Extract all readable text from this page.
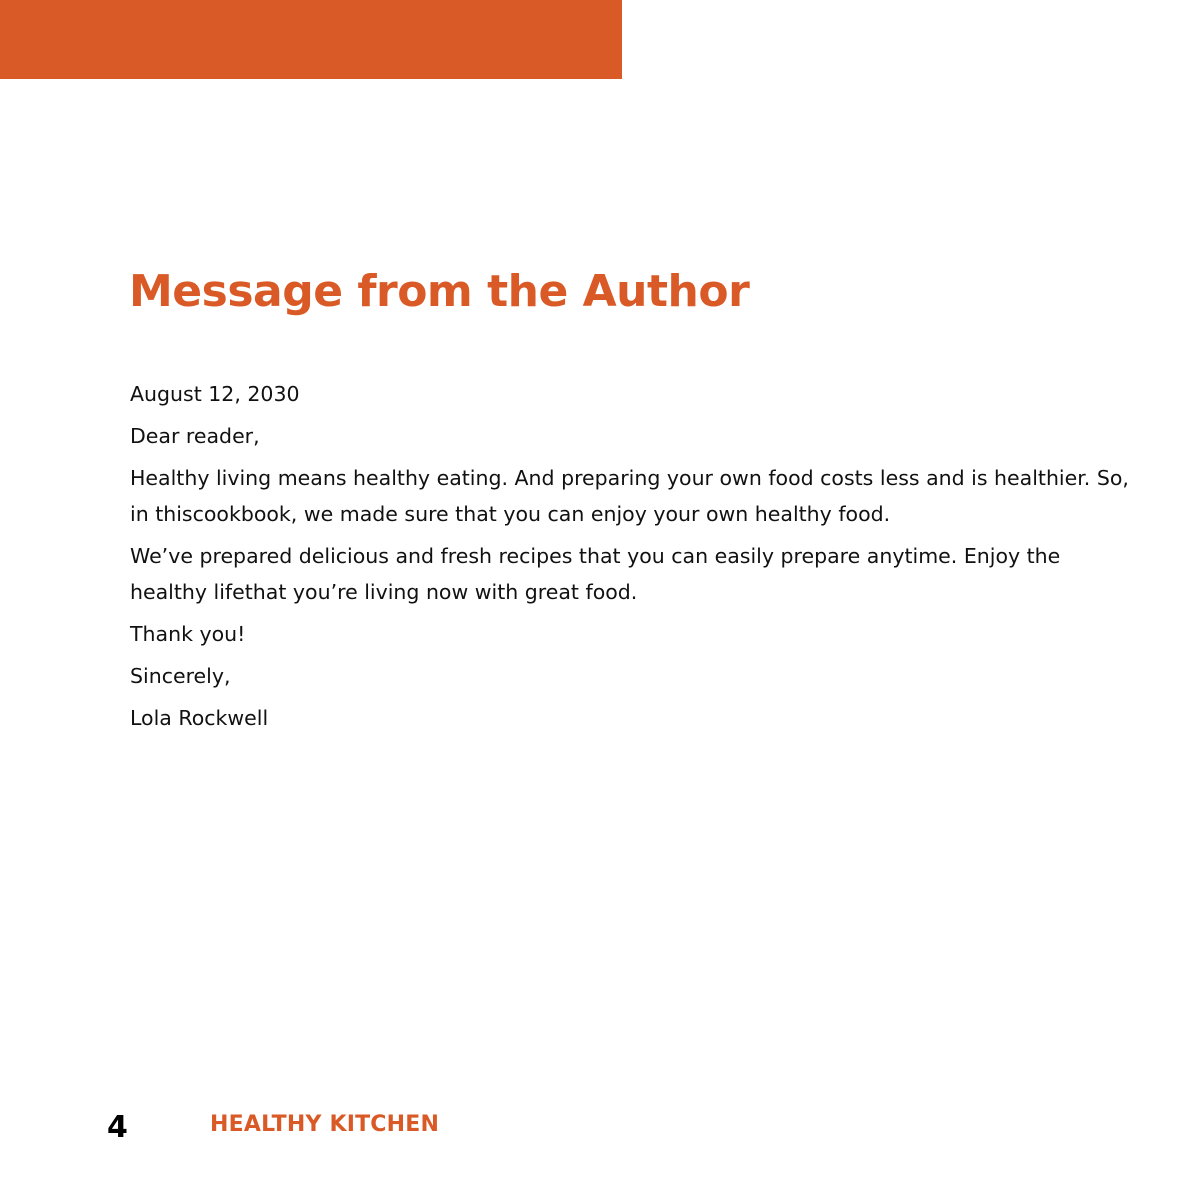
Message from the Author

August 12, 2030

Dear reader,

Healthy living means healthy eating. And preparing your own food costs less and is healthier. So, in thiscookbook, we made sure that you can enjoy your own healthy food.

We’ve prepared delicious and fresh recipes that you can easily prepare anytime. Enjoy the healthy lifethat you’re living now with great food.

Thank you!

Sincerely,

Lola Rockwell

4	HEALTHY KITCHEN
